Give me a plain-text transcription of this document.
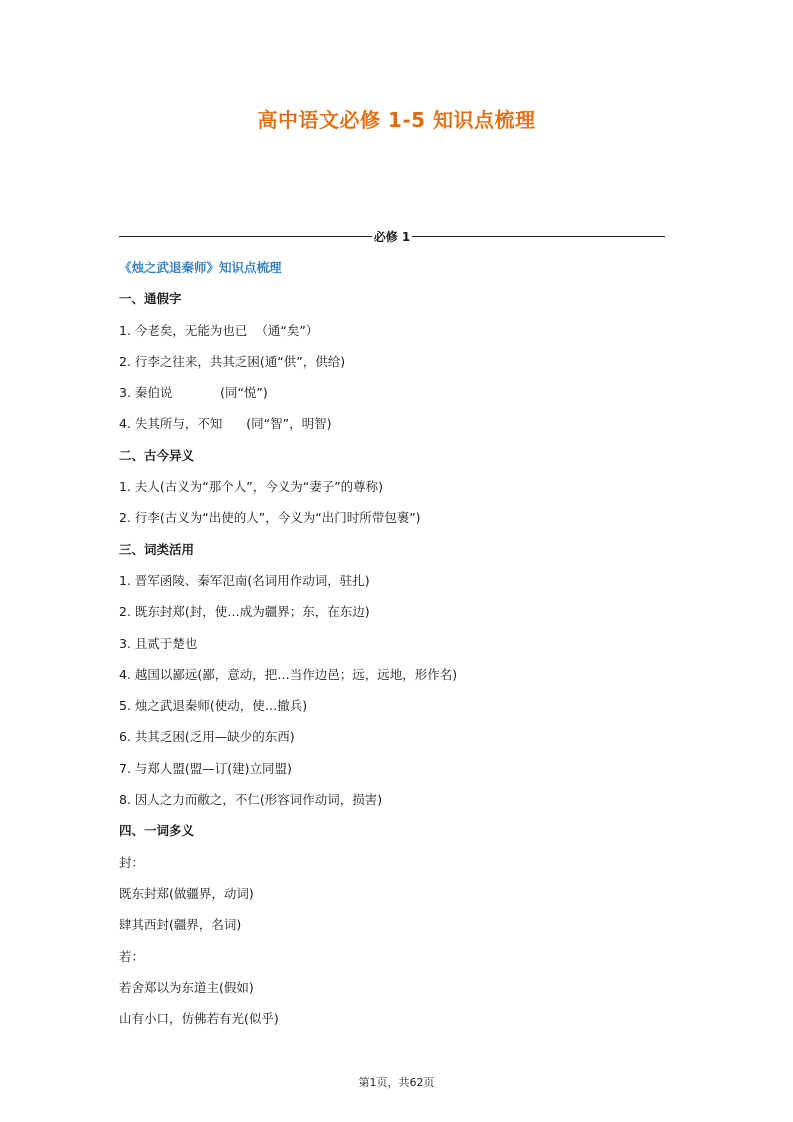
高中语文必修 1-5 知识点梳理
必修 1
《烛之武退秦师》知识点梳理
一、通假字
1. 今老矣，无能为也已  （通“矣”）
2. 行李之往来，共其乏困(通“供”，供给)
3. 秦伯说            (同“悦”)
4. 失其所与，不知      (同“智”，明智)
二、古今异义
1. 夫人(古义为“那个人”，今义为“妻子”的尊称)
2. 行李(古义为“出使的人”，今义为“出门时所带包裹”)
三、词类活用
1. 晋军函陵、秦军氾南(名词用作动词，驻扎)
2. 既东封郑(封，使…成为疆界；东，在东边)
3. 且贰于楚也
4. 越国以鄙远(鄙，意动，把…当作边邑；远，远地，形作名)
5. 烛之武退秦师(使动，使…撤兵)
6. 共其乏困(乏用—缺少的东西)
7. 与郑人盟(盟—订(建)立同盟)
8. 因人之力而敝之，不仁(形容词作动词，损害)
四、一词多义
封：
既东封郑(做疆界，动词)
肆其西封(疆界，名词)
若：
若舍郑以为东道主(假如)
山有小口，仿佛若有光(似乎)
第1页，共62页
